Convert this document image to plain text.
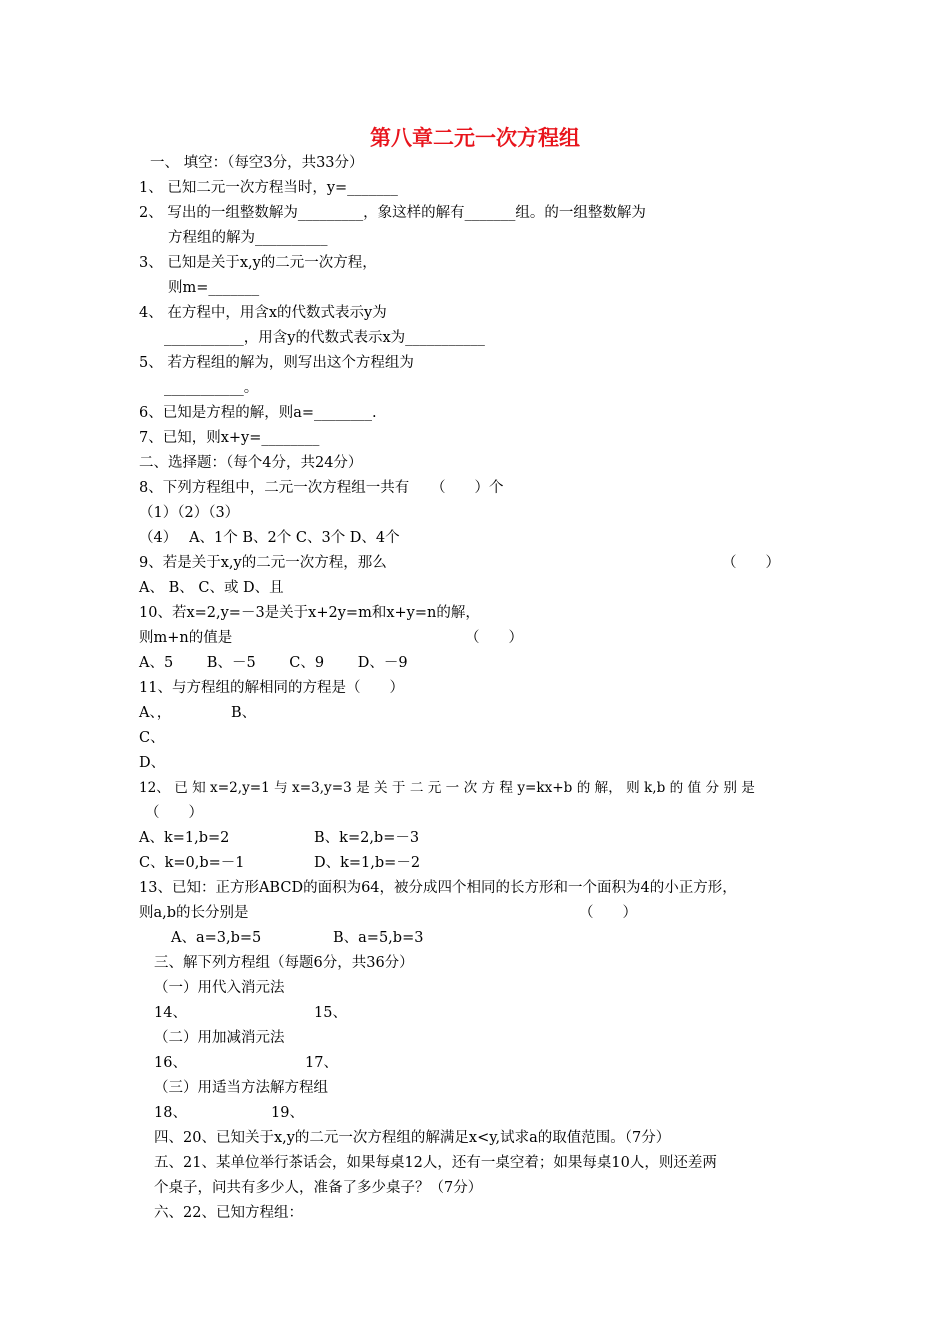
第八章二元一次方程组
一、 填空：（每空3分，共33分）
1、 已知二元一次方程当时，y=_______
2、 写出的一组整数解为_________，象这样的解有_______组。的一组整数解为
方程组的解为__________
3、 已知是关于x,y的二元一次方程，
则m=_______
4、 在方程中，用含x的代数式表示y为
___________，用含y的代数式表示x为___________
5、 若方程组的解为，则写出这个方程组为
___________。
6、已知是方程的解，则a=________.
7、已知，则x+y=________
二、选择题：（每个4分，共24分）
8、下列方程组中，二元一次方程组一共有　　（　　）个
（1）（2）（3）
（4）　 A、1个 B、2个 C、3个 D、4个
9、若是关于x,y的二元一次方程，那么	（　　）
A、 B、 C、或 D、且
10、若x=2,y=－3是关于x+2y=m和x+y=n的解，
则m+n的值是	（　　）
A、5　　 B、－5　　 C、9　　 D、－9
11、与方程组的解相同的方程是（　　）
A、，	B、
C、
D、
12、 已 知 x=2,y=1 与 x=3,y=3 是 关 于 二 元 一 次 方 程 y=kx+b 的 解， 则 k,b 的 值 分 别 是
（　　）
A、k=1,b=2	B、k=2,b=－3
C、k=0,b=－1	D、k=1,b=－2
13、已知：正方形ABCD的面积为64，被分成四个相同的长方形和一个面积为4的小正方形，
则a,b的长分别是	（　　）
A、a=3,b=5	B、a=5,b=3
三、解下列方程组（每题6分，共36分）
（一）用代入消元法
14、	15、
（二）用加减消元法
16、	17、
（三）用适当方法解方程组
18、	19、
四、20、已知关于x,y的二元一次方程组的解满足x<y,试求a的取值范围。（7分）
五、21、某单位举行茶话会，如果每桌12人，还有一桌空着；如果每桌10人，则还差两
个桌子，问共有多少人，准备了多少桌子？（7分）
六、22、已知方程组：
